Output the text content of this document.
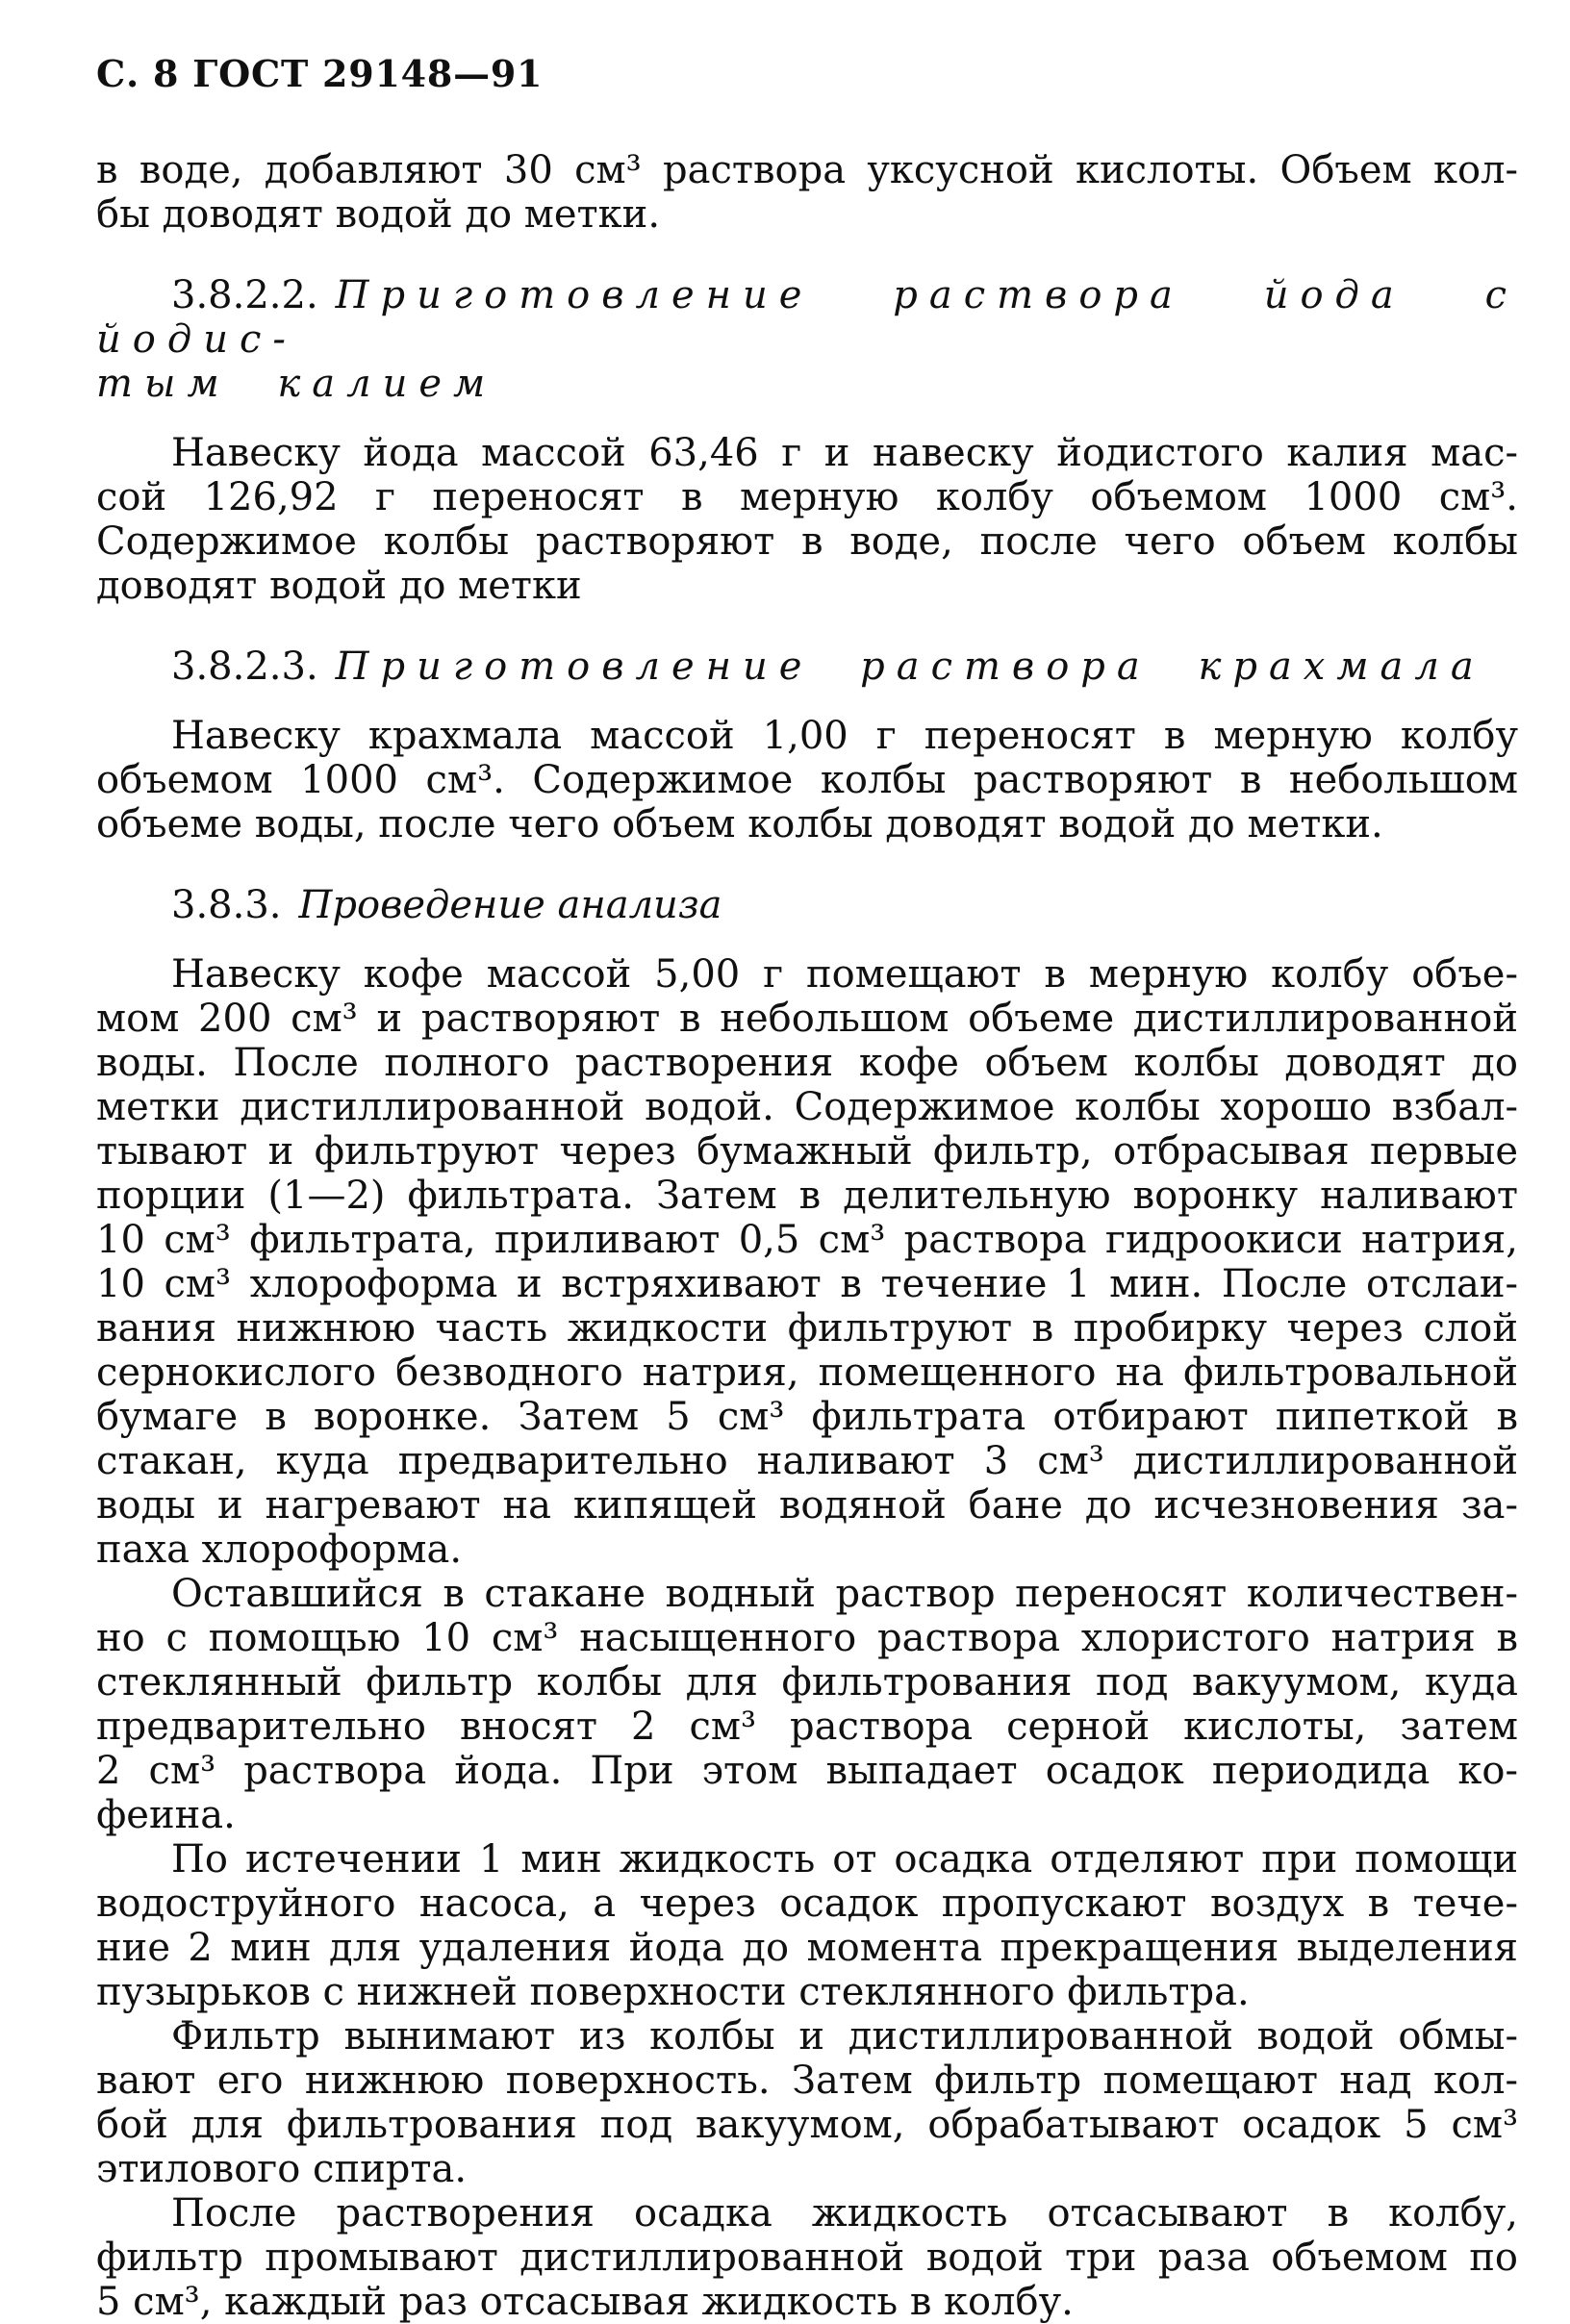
С. 8 ГОСТ 29148—91
в воде, добавляют 30 см³ раствора уксусной кислоты. Объем кол-
бы доводят водой до метки.
3.8.2.2. Приготовление раствора йода с йодис-
тым калием
Навеску йода массой 63,46 г и навеску йодистого калия мас-
сой 126,92 г переносят в мерную колбу объемом 1000 см³.
Содержимое колбы растворяют в воде, после чего объем колбы
доводят водой до метки
3.8.2.3. Приготовление раствора крахмала
Навеску крахмала массой 1,00 г переносят в мерную колбу
объемом 1000 см³. Содержимое колбы растворяют в небольшом
объеме воды, после чего объем колбы доводят водой до метки.
3.8.3. Проведение анализа
Навеску кофе массой 5,00 г помещают в мерную колбу объе-
мом 200 см³ и растворяют в небольшом объеме дистиллированной
воды. После полного растворения кофе объем колбы доводят до
метки дистиллированной водой. Содержимое колбы хорошо взбал-
тывают и фильтруют через бумажный фильтр, отбрасывая первые
порции (1—2) фильтрата. Затем в делительную воронку наливают
10 см³ фильтрата, приливают 0,5 см³ раствора гидроокиси натрия,
10 см³ хлороформа и встряхивают в течение 1 мин. После отслаи-
вания нижнюю часть жидкости фильтруют в пробирку через слой
сернокислого безводного натрия, помещенного на фильтровальной
бумаге в воронке. Затем 5 см³ фильтрата отбирают пипеткой в
стакан, куда предварительно наливают 3 см³ дистиллированной
воды и нагревают на кипящей водяной бане до исчезновения за-
паха хлороформа.
Оставшийся в стакане водный раствор переносят количествен-
но с помощью 10 см³ насыщенного раствора хлористого натрия в
стеклянный фильтр колбы для фильтрования под вакуумом, куда
предварительно вносят 2 см³ раствора серной кислоты, затем
2 см³ раствора йода. При этом выпадает осадок периодида ко-
феина.
По истечении 1 мин жидкость от осадка отделяют при помощи
водоструйного насоса, а через осадок пропускают воздух в тече-
ние 2 мин для удаления йода до момента прекращения выделения
пузырьков с нижней поверхности стеклянного фильтра.
Фильтр вынимают из колбы и дистиллированной водой обмы-
вают его нижнюю поверхность. Затем фильтр помещают над кол-
бой для фильтрования под вакуумом, обрабатывают осадок 5 см³
этилового спирта.
После растворения осадка жидкость отсасывают в колбу,
фильтр промывают дистиллированной водой три раза объемом по
5 см³, каждый раз отсасывая жидкость в колбу.
